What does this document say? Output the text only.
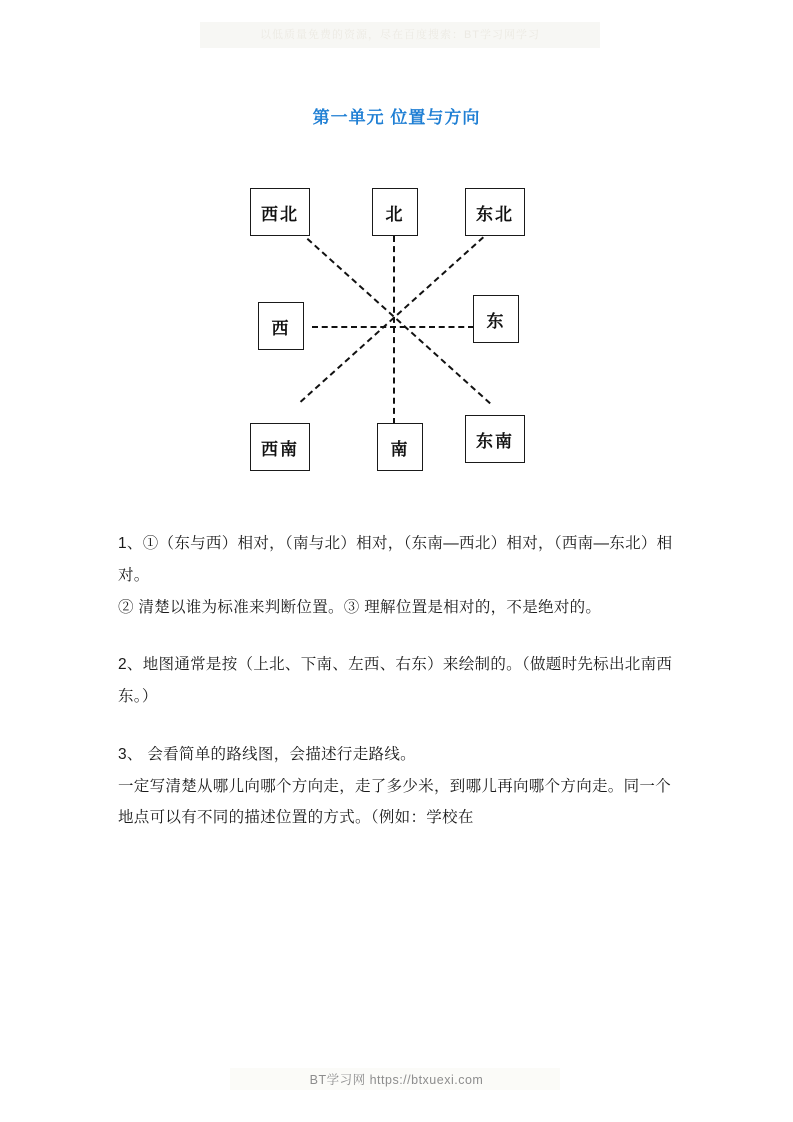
以低质量免费的资源，尽在百度搜索：BT学习网学习
第一单元 位置与方向
西北	北	东北
西	东
西南	南	东南

1、①（东与西）相对，（南与北）相对，（东南—西北）相对，（西南—东北）相对。

② 清楚以谁为标准来判断位置。③ 理解位置是相对的，不是绝对的。

2、地图通常是按（上北、下南、左西、右东）来绘制的。（做题时先标出北南西东。）

3、 会看简单的路线图，会描述行走路线。

一定写清楚从哪儿向哪个方向走，走了多少米，到哪儿再向哪个方向走。同一个地点可以有不同的描述位置的方式。（例如：学校在

BT学习网 https://btxuexi.com
